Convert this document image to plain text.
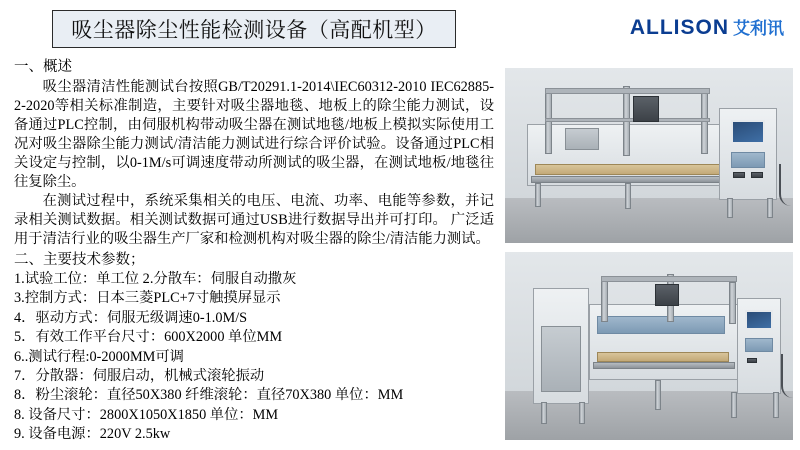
吸尘器除尘性能检测设备（高配机型）	ALLISON 艾利讯
一、概述

吸尘器清洁性能测试台按照GB/T20291.1-2014\IEC60312-2010 IEC62885-2-2020等相关标准制造，主要针对吸尘器地毯、地板上的除尘能力测试，设备通过PLC控制，由伺服机构带动吸尘器在测试地毯/地板上模拟实际使用工况对吸尘器除尘能力测试/清洁能力测试进行综合评价试验。设备通过PLC相关设定与控制，以0-1M/s可调速度带动所测试的吸尘器，在测试地板/地毯往往复除尘。

在测试过程中，系统采集相关的电压、电流、功率、电能等参数，并记录相关测试数据。相关测试数据可通过USB进行数据导出并可打印。 广泛适用于清洁行业的吸尘器生产厂家和检测机构对吸尘器的除尘/清洁能力测试。

二、主要技术参数；
1.试验工位：单工位 2.分散车：伺服自动撒灰
3.控制方式：日本三菱PLC+7寸触摸屏显示
4．驱动方式：伺服无级调速0-1.0M/S
5．有效工作平台尺寸：600X2000 单位MM
6..测试行程:0-2000MM可调
7．分散器：伺服启动，机械式滚轮振动
8．粉尘滚轮：直径50X380 纤维滚轮：直径70X380 单位：MM
8. 设备尺寸：2800X1050X1850 单位：MM
9. 设备电源：220V 2.5kw
